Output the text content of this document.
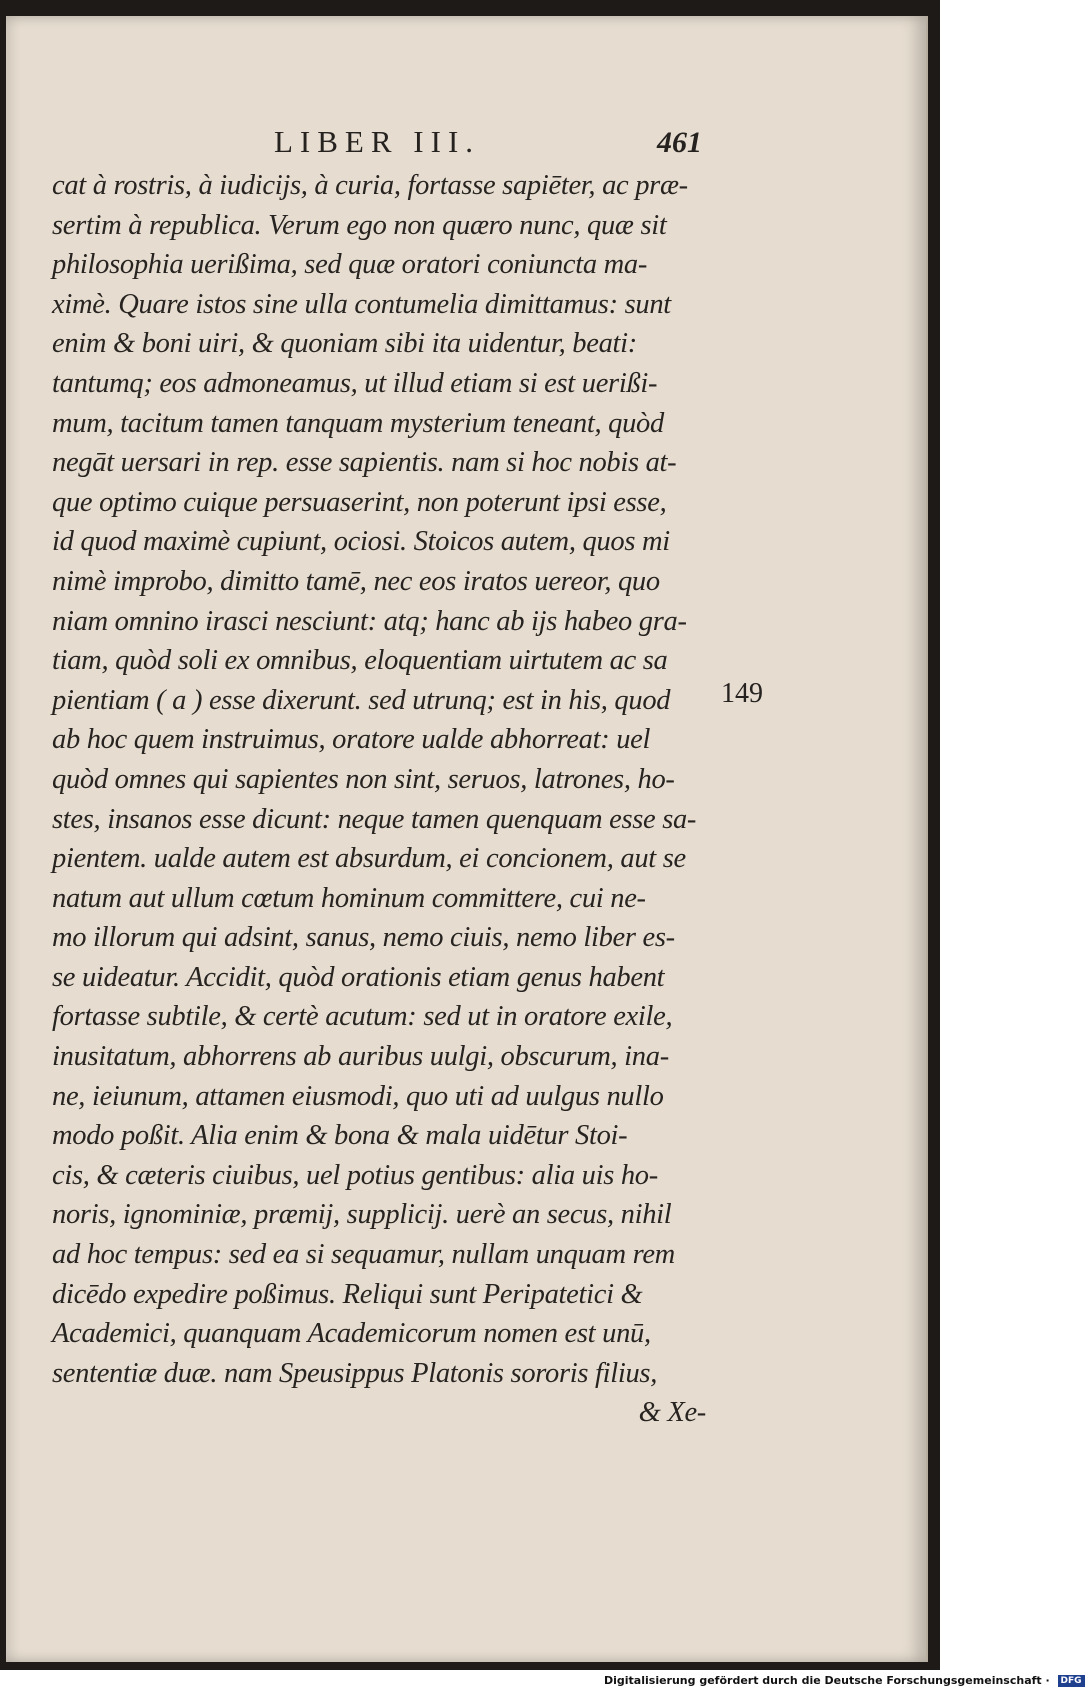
LIBER III.	461
cat à rostris, à iudicijs, à curia, fortasse sapiēter, ac præ-
sertim à republica. Verum ego non quæro nunc, quæ sit
philosophia uerißima, sed quæ oratori coniuncta ma-
ximè. Quare istos sine ulla contumelia dimittamus: sunt
enim & boni uiri, & quoniam sibi ita uidentur, beati:
tantumq; eos admoneamus, ut illud etiam si est uerißi-
mum, tacitum tamen tanquam mysterium teneant, quòd
negāt uersari in rep. esse sapientis. nam si hoc nobis at-
que optimo cuique persuaserint, non poterunt ipsi esse,
id quod maximè cupiunt, ociosi. Stoicos autem, quos mi
nimè improbo, dimitto tamē, nec eos iratos uereor, quo
niam omnino irasci nesciunt: atq; hanc ab ijs habeo gra-
tiam, quòd soli ex omnibus, eloquentiam uirtutem ac sa
pientiam ( a ) esse dixerunt. sed utrunq; est in his, quod
ab hoc quem instruimus, oratore ualde abhorreat: uel
quòd omnes qui sapientes non sint, seruos, latrones, ho-
stes, insanos esse dicunt: neque tamen quenquam esse sa-
pientem. ualde autem est absurdum, ei concionem, aut se
natum aut ullum cœtum hominum committere, cui ne-
mo illorum qui adsint, sanus, nemo ciuis, nemo liber es-
se uideatur. Accidit, quòd orationis etiam genus habent
fortasse subtile, & certè acutum: sed ut in oratore exile,
inusitatum, abhorrens ab auribus uulgi, obscurum, ina-
ne, ieiunum, attamen eiusmodi, quo uti ad uulgus nullo
modo poßit. Alia enim & bona & mala uidētur Stoi-
cis, & cæteris ciuibus, uel potius gentibus: alia uis ho-
noris, ignominiæ, præmij, supplicij. uerè an secus, nihil
ad hoc tempus: sed ea si sequamur, nullam unquam rem
dicēdo expedire poßimus. Reliqui sunt Peripatetici &
Academici, quanquam Academicorum nomen est unū,
sententiæ duæ. nam Speusippus Platonis sororis filius,
& Xe-
149
Digitalisierung gefördert durch die Deutsche Forschungsgemeinschaft · DFG
